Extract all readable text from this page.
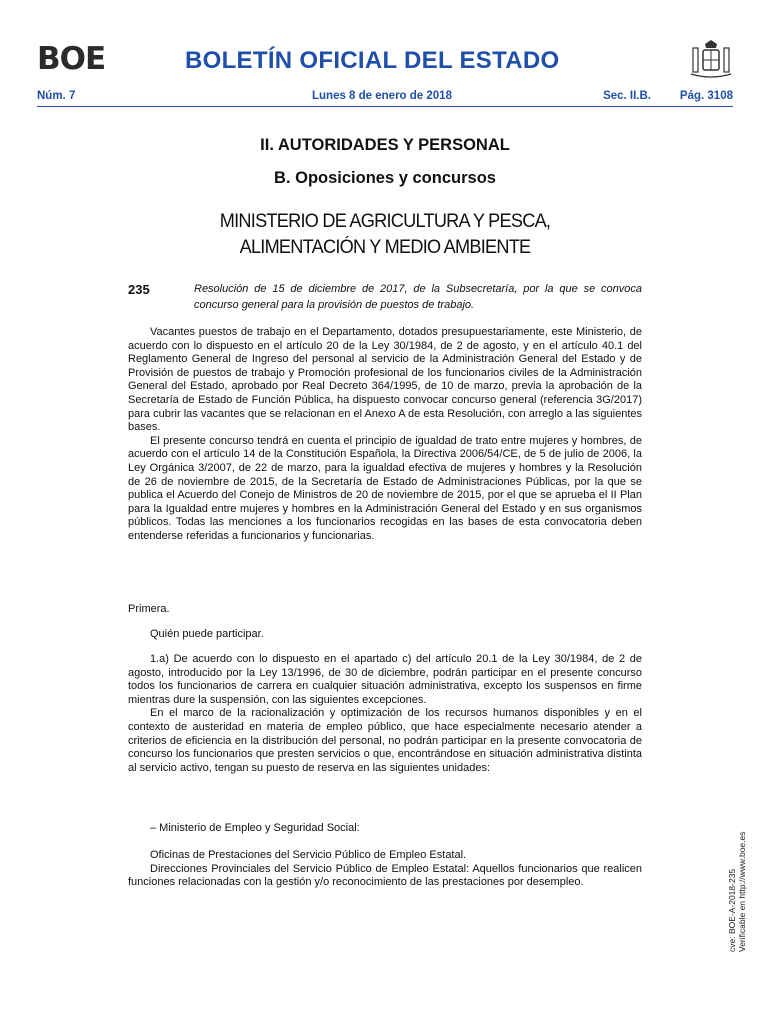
BOE	BOLETÍN OFICIAL DEL ESTADO
Núm. 7	Lunes 8 de enero de 2018	Sec. II.B.	Pág. 3108
II. AUTORIDADES Y PERSONAL
B. Oposiciones y concursos
MINISTERIO DE AGRICULTURA Y PESCA,
ALIMENTACIÓN Y MEDIO AMBIENTE
235	Resolución de 15 de diciembre de 2017, de la Subsecretaría, por la que se convoca concurso general para la provisión de puestos de trabajo.

Vacantes puestos de trabajo en el Departamento, dotados presupuestariamente, este Ministerio, de acuerdo con lo dispuesto en el artículo 20 de la Ley 30/1984, de 2 de agosto, y en el artículo 40.1 del Reglamento General de Ingreso del personal al servicio de la Administración General del Estado y de Provisión de puestos de trabajo y Promoción profesional de los funcionarios civiles de la Administración General del Estado, aprobado por Real Decreto 364/1995, de 10 de marzo, previa la aprobación de la Secretaría de Estado de Función Pública, ha dispuesto convocar concurso general (referencia 3G/2017) para cubrir las vacantes que se relacionan en el Anexo A de esta Resolución, con arreglo a las siguientes bases.

El presente concurso tendrá en cuenta el principio de igualdad de trato entre mujeres y hombres, de acuerdo con el artículo 14 de la Constitución Española, la Directiva 2006/54/CE, de 5 de julio de 2006, la Ley Orgánica 3/2007, de 22 de marzo, para la igualdad efectiva de mujeres y hombres y la Resolución de 26 de noviembre de 2015, de la Secretaría de Estado de Administraciones Públicas, por la que se publica el Acuerdo del Conejo de Ministros de 20 de noviembre de 2015, por el que se aprueba el II Plan para la Igualdad entre mujeres y hombres en la Administración General del Estado y en sus organismos públicos. Todas las menciones a los funcionarios recogidas en las bases de esta convocatoria deben entenderse referidas a funcionarios y funcionarias.

Primera.

Quién puede participar.

1.a) De acuerdo con lo dispuesto en el apartado c) del artículo 20.1 de la Ley 30/1984, de 2 de agosto, introducido por la Ley 13/1996, de 30 de diciembre, podrán participar en el presente concurso todos los funcionarios de carrera en cualquier situación administrativa, excepto los suspensos en firme mientras dure la suspensión, con las siguientes excepciones.

En el marco de la racionalización y optimización de los recursos humanos disponibles y en el contexto de austeridad en materia de empleo público, que hace especialmente necesario atender a criterios de eficiencia en la distribución del personal, no podrán participar en la presente convocatoria de concurso los funcionarios que presten servicios o que, encontrándose en situación administrativa distinta al servicio activo, tengan su puesto de reserva en las siguientes unidades:

– Ministerio de Empleo y Seguridad Social:

Oficinas de Prestaciones del Servicio Público de Empleo Estatal.

Direcciones Provinciales del Servicio Público de Empleo Estatal: Aquellos funcionarios que realicen funciones relacionadas con la gestión y/o reconocimiento de las prestaciones por desempleo.	cve: BOE-A-2018-235 Verificable en http://www.boe.es
